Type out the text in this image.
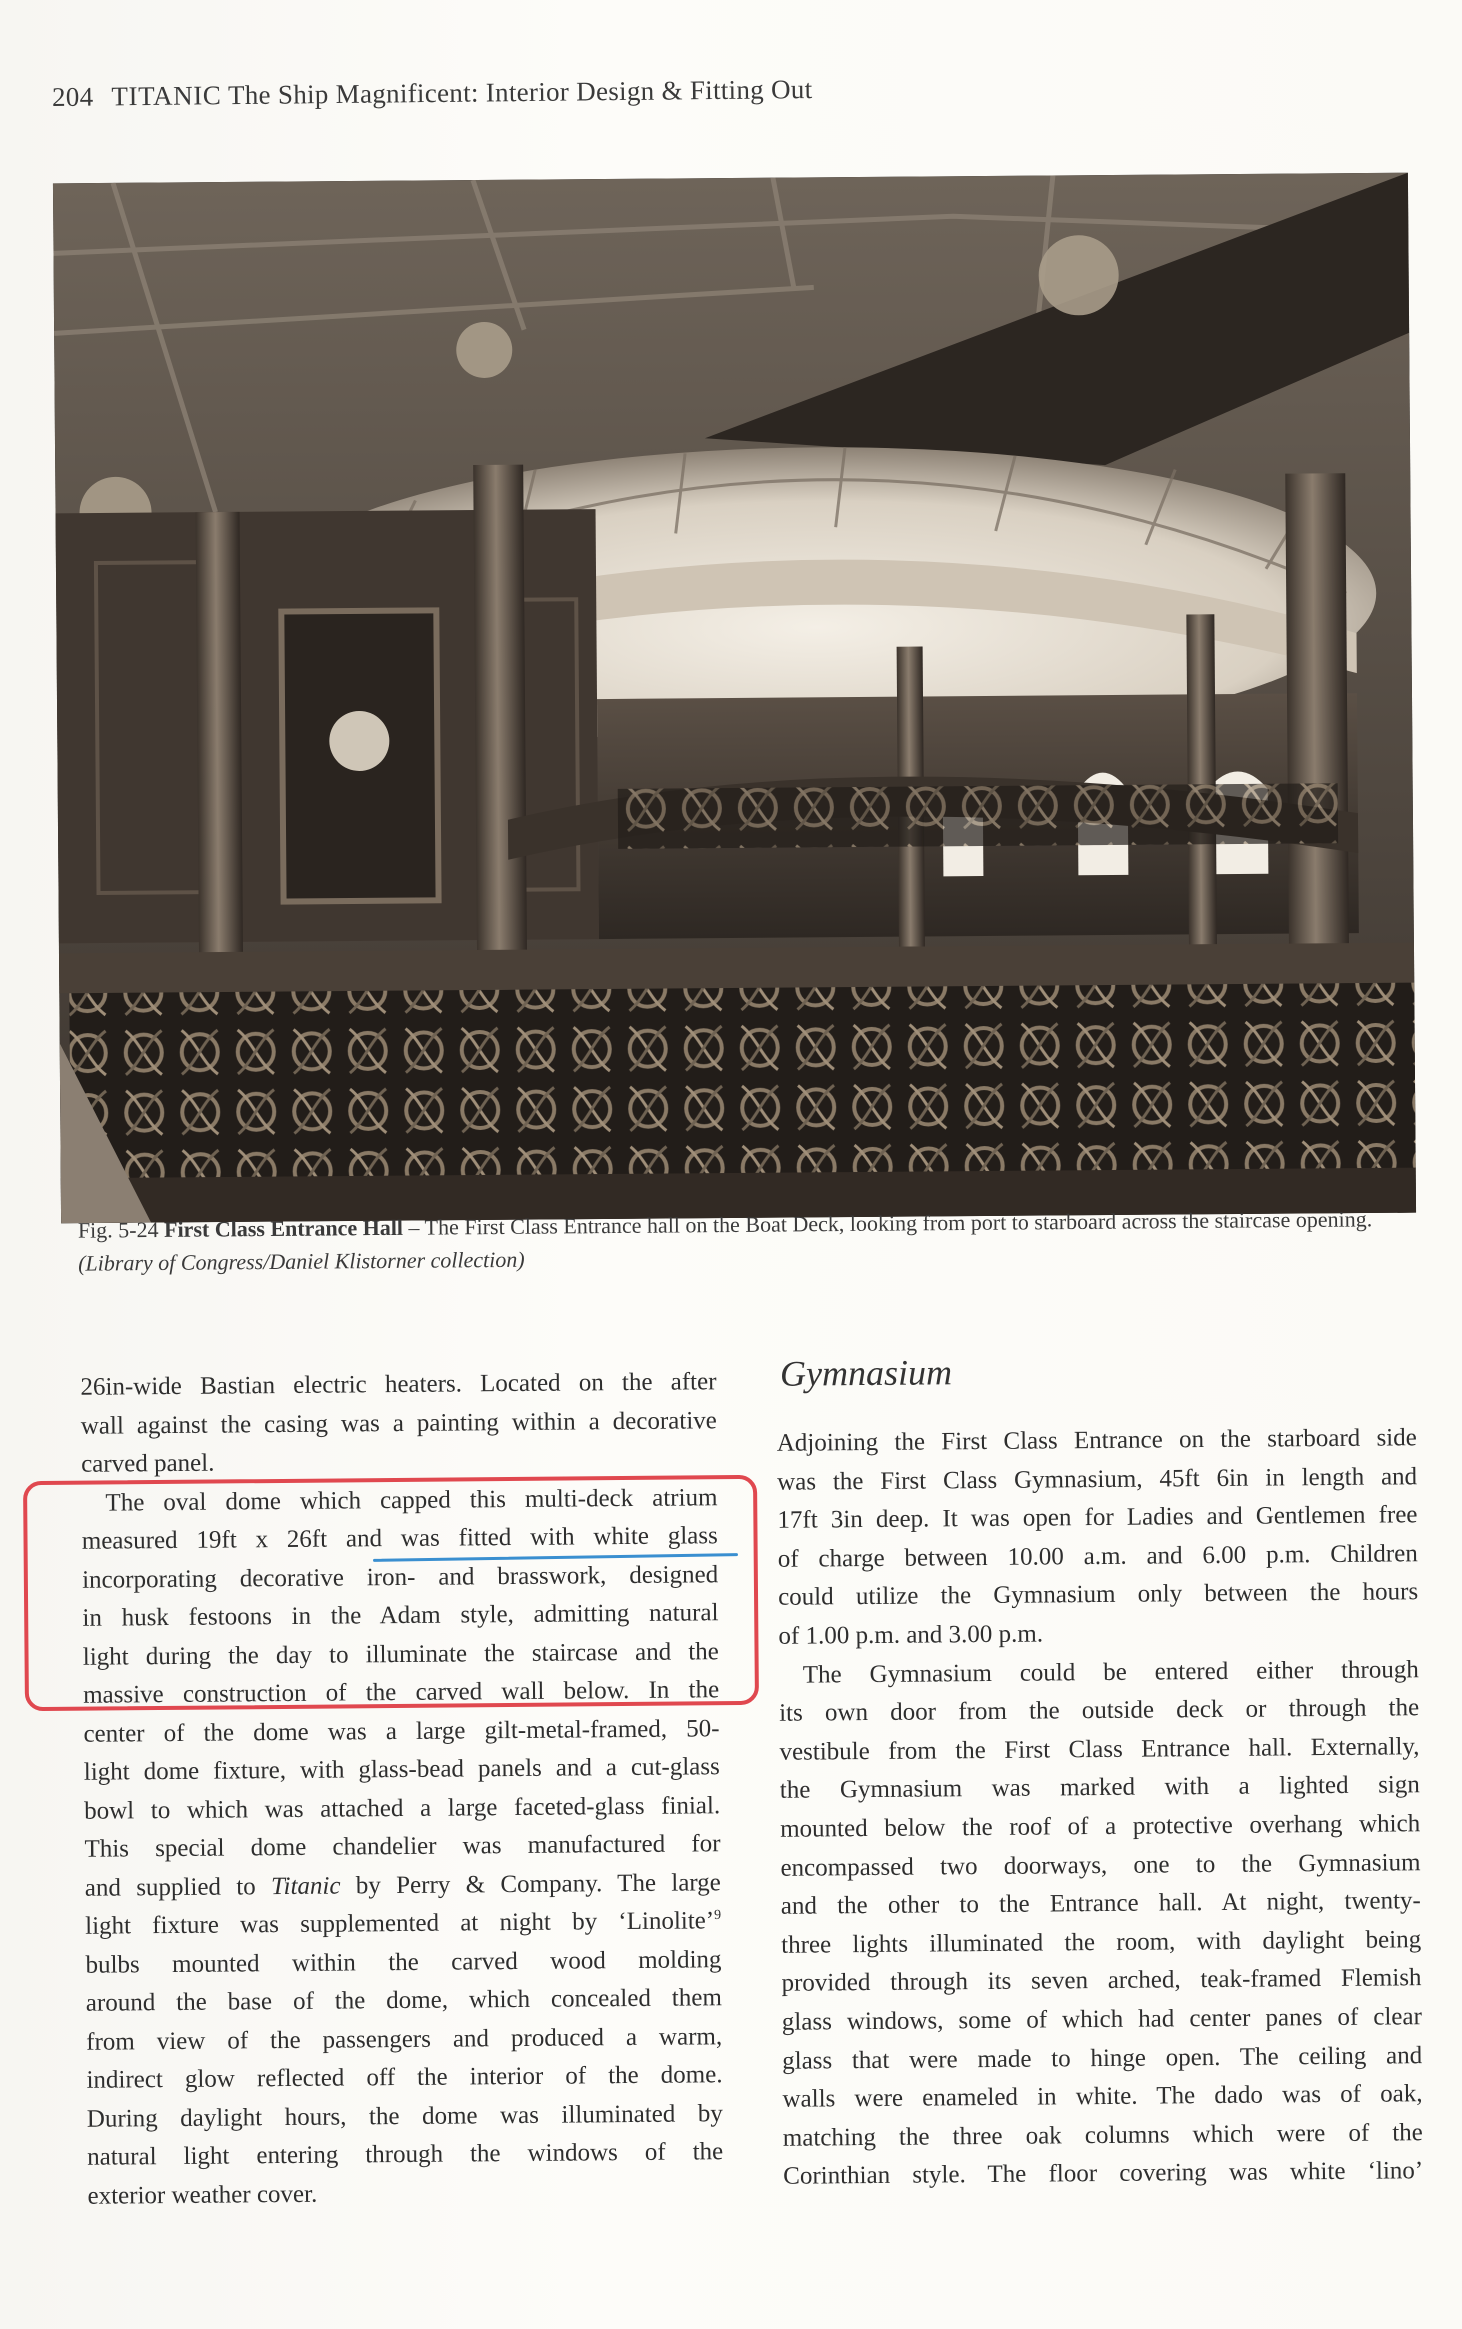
204 TITANIC The Ship Magnificent: Interior Design & Fitting Out
Fig. 5-24 First Class Entrance Hall – The First Class Entrance hall on the Boat Deck, looking from port to starboard across the staircase opening. (Library of Congress/Daniel Klistorner collection)
26in-wide Bastian electric heaters. Located on the after
wall against the casing was a painting within a decorative
carved panel.
The oval dome which capped this multi-deck atrium
measured 19ft x 26ft and was fitted with white glass
incorporating decorative iron- and brasswork, designed
in husk festoons in the Adam style, admitting natural
light during the day to illuminate the staircase and the
massive construction of the carved wall below. In the
center of the dome was a large gilt-metal-framed, 50-
light dome fixture, with glass-bead panels and a cut-glass
bowl to which was attached a large faceted-glass finial.
This special dome chandelier was manufactured for
and supplied to Titanic by Perry & Company. The large
light fixture was supplemented at night by ‘Linolite’$^9$
bulbs mounted within the carved wood molding
around the base of the dome, which concealed them
from view of the passengers and produced a warm,
indirect glow reflected off the interior of the dome.
During daylight hours, the dome was illuminated by
natural light entering through the windows of the
exterior weather cover.
Gymnasium
Adjoining the First Class Entrance on the starboard side
was the First Class Gymnasium, 45ft 6in in length and
17ft 3in deep. It was open for Ladies and Gentlemen free
of charge between 10.00 a.m. and 6.00 p.m. Children
could utilize the Gymnasium only between the hours
of 1.00 p.m. and 3.00 p.m.
The Gymnasium could be entered either through
its own door from the outside deck or through the
vestibule from the First Class Entrance hall. Externally,
the Gymnasium was marked with a lighted sign
mounted below the roof of a protective overhang which
encompassed two doorways, one to the Gymnasium
and the other to the Entrance hall. At night, twenty-
three lights illuminated the room, with daylight being
provided through its seven arched, teak-framed Flemish
glass windows, some of which had center panes of clear
glass that were made to hinge open. The ceiling and
walls were enameled in white. The dado was of oak,
matching the three oak columns which were of the
Corinthian style. The floor covering was white ‘lino’
